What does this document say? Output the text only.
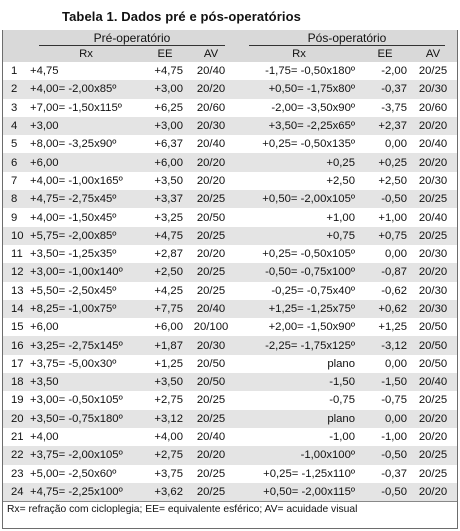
Tabela 1. Dados pré e pós-operatórios
	Pré-operatório			Pós-operatório		
	Rx	EE	AV	Rx	EE	AV
1	+4,75	+4,75	20/40	-1,75= -0,50x180º	-2,00	20/25
2	+4,00= -2,00x85º	+3,00	20/20	+0,50= -1,75x80º	-0,37	20/30
3	+7,00= -1,50x115º	+6,25	20/60	-2,00= -3,50x90º	-3,75	20/60
4	+3,00	+3,00	20/30	+3,50= -2,25x65º	+2,37	20/20
5	+8,00= -3,25x90º	+6,37	20/40	+0,25= -0,50x135º	0,00	20/40
6	+6,00	+6,00	20/20	+0,25	+0,25	20/20
7	+4,00= -1,00x165º	+3,50	20/20	+2,50	+2,50	20/30
8	+4,75= -2,75x45º	+3,37	20/25	+0,50= -2,00x105º	-0,50	20/25
9	+4,00= -1,50x45º	+3,25	20/50	+1,00	+1,00	20/40
10	+5,75= -2,00x85º	+4,75	20/25	+0,75	+0,75	20/25
11	+3,50= -1,25x35º	+2,87	20/20	+0,25= -0,50x105º	0,00	20/30
12	+3,00= -1,00x140º	+2,50	20/25	-0,50= -0,75x100º	-0,87	20/20
13	+5,50= -2,50x45º	+4,25	20/25	-0,25= -0,75x40º	-0,62	20/30
14	+8,25= -1,00x75º	+7,75	20/40	+1,25= -1,25x75º	+0,62	20/30
15	+6,00	+6,00	20/100	+2,00= -1,50x90º	+1,25	20/50
16	+3,25= -2,75x145º	+1,87	20/30	-2,25= -1,75x125º	-3,12	20/50
17	+3,75= -5,00x30º	+1,25	20/50	plano	0,00	20/50
18	+3,50	+3,50	20/50	-1,50	-1,50	20/40
19	+3,00= -0,50x105º	+2,75	20/25	-0,75	-0,75	20/25
20	+3,50= -0,75x180º	+3,12	20/25	plano	0,00	20/20
21	+4,00	+4,00	20/40	-1,00	-1,00	20/20
22	+3,75= -2,00x105º	+2,75	20/20	-1,00x100º	-0,50	20/25
23	+5,00= -2,50x60º	+3,75	20/25	+0,25= -1,25x110º	-0,37	20/25
24	+4,75= -2,25x100º	+3,62	20/25	+0,50= -2,00x115º	-0,50	20/20
Rx= refração com cicloplegia; EE= equivalente esférico; AV= acuidade visual						
